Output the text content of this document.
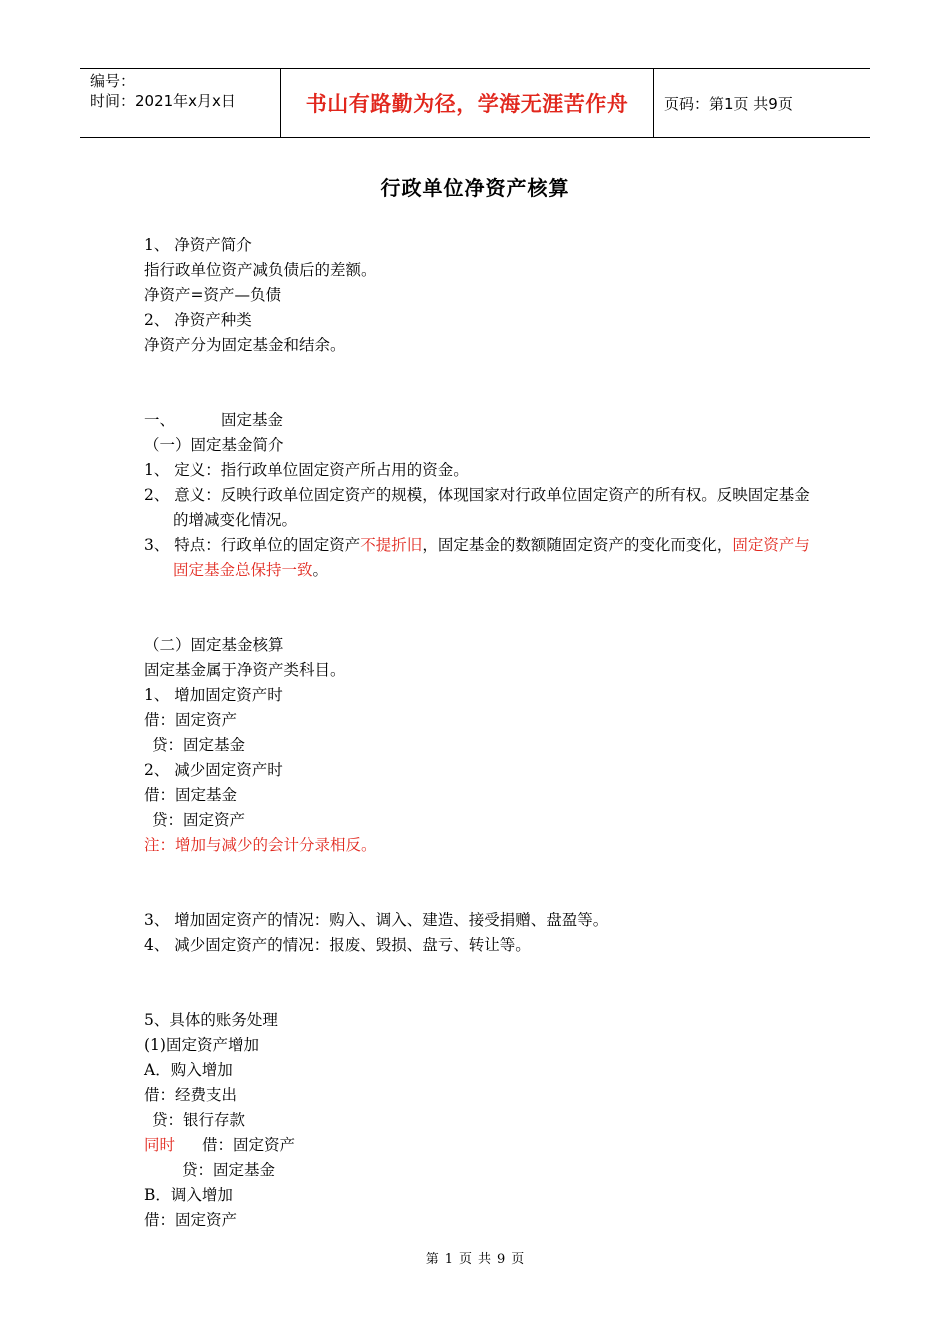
编号：
时间：2021年x月x日	书山有路勤为径，学海无涯苦作舟	页码：第1页 共9页
行政单位净资产核算
1、 净资产简介
指行政单位资产减负债后的差额。
净资产=资产—负债
2、 净资产种类
净资产分为固定基金和结余。
一、	固定基金
（一）固定基金简介
1、 定义：指行政单位固定资产所占用的资金。
2、 意义：反映行政单位固定资产的规模，体现国家对行政单位固定资产的所有权。反映固定基金的增减变化情况。
3、 特点：行政单位的固定资产不提折旧，固定基金的数额随固定资产的变化而变化，固定资产与固定基金总保持一致。
（二）固定基金核算
固定基金属于净资产类科目。
1、 增加固定资产时
借：固定资产
贷：固定基金
2、 减少固定资产时
借：固定基金
贷：固定资产
注：增加与减少的会计分录相反。
3、 增加固定资产的情况：购入、调入、建造、接受捐赠、盘盈等。
4、 减少固定资产的情况：报废、毁损、盘亏、转让等。
5、具体的账务处理
(1)固定资产增加
A．购入增加
借：经费支出
贷：银行存款
同时 借：固定资产
贷：固定基金
B．调入增加
借：固定资产
第 1 页 共 9 页
